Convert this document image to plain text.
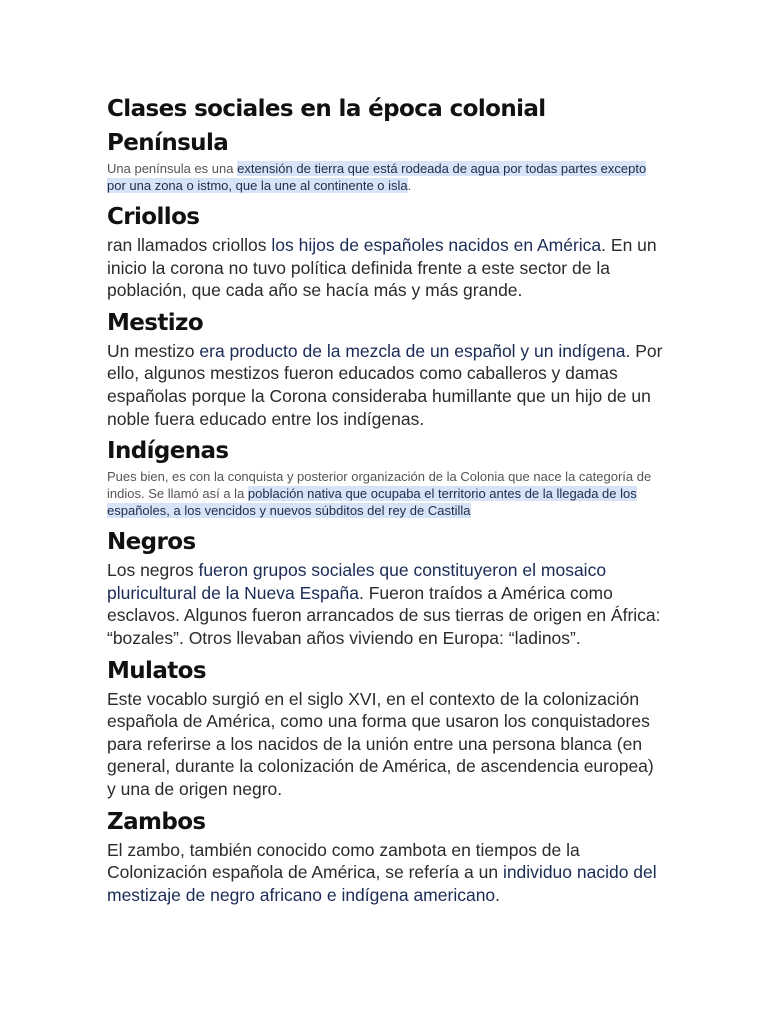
Clases sociales en la época colonial
Península

Una península es una extensión de tierra que está rodeada de agua por todas partes excepto por una zona o istmo, que la une al continente o isla.

Criollos

ran llamados criollos los hijos de españoles nacidos en América. En un inicio la corona no tuvo política definida frente a este sector de la población, que cada año se hacía más y más grande.

Mestizo

Un mestizo era producto de la mezcla de un español y un indígena. Por ello, algunos mestizos fueron educados como caballeros y damas españolas porque la Corona consideraba humillante que un hijo de un noble fuera educado entre los indígenas.

Indígenas

Pues bien, es con la conquista y posterior organización de la Colonia que nace la categoría de indios. Se llamó así a la población nativa que ocupaba el territorio antes de la llegada de los españoles, a los vencidos y nuevos súbditos del rey de Castilla

Negros

Los negros fueron grupos sociales que constituyeron el mosaico pluricultural de la Nueva España. Fueron traídos a América como esclavos. Algunos fueron arrancados de sus tierras de origen en África: “bozales”. Otros llevaban años viviendo en Europa: “ladinos”.

Mulatos

Este vocablo surgió en el siglo XVI, en el contexto de la colonización española de América, como una forma que usaron los conquistadores para referirse a los nacidos de la unión entre una persona blanca (en general, durante la colonización de América, de ascendencia europea) y una de origen negro.

Zambos

El zambo, también conocido como zambota en tiempos de la Colonización española de América, se refería a un individuo nacido del mestizaje de negro africano e indígena americano.
